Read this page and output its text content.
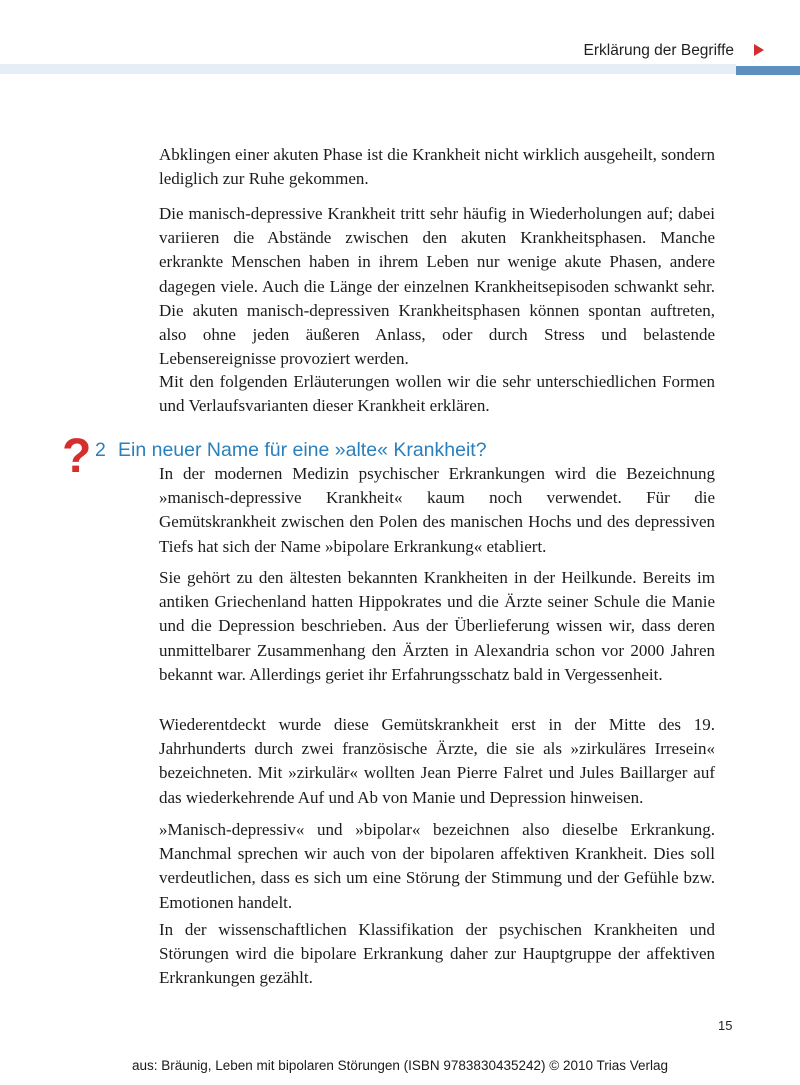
Erklärung der Begriffe

Abklingen einer akuten Phase ist die Krankheit nicht wirklich ausgeheilt, sondern lediglich zur Ruhe gekommen.

Die manisch-depressive Krankheit tritt sehr häufig in Wiederholungen auf; dabei variieren die Abstände zwischen den akuten Krankheitsphasen. Manche erkrankte Menschen haben in ihrem Leben nur wenige akute Phasen, andere dagegen viele. Auch die Länge der einzelnen Krankheitsepisoden schwankt sehr. Die akuten manisch-depressiven Krankheitsphasen können spontan auftreten, also ohne jeden äußeren Anlass, oder durch Stress und belastende Lebensereignisse provoziert werden.

Mit den folgenden Erläuterungen wollen wir die sehr unterschiedlichen Formen und Verlaufsvarianten dieser Krankheit erklären.

? 2 Ein neuer Name für eine »alte« Krankheit?

In der modernen Medizin psychischer Erkrankungen wird die Bezeichnung »manisch-depressive Krankheit« kaum noch verwendet. Für die Gemütskrankheit zwischen den Polen des manischen Hochs und des depressiven Tiefs hat sich der Name »bipolare Erkrankung« etabliert.

Sie gehört zu den ältesten bekannten Krankheiten in der Heilkunde. Bereits im antiken Griechenland hatten Hippokrates und die Ärzte seiner Schule die Manie und die Depression beschrieben. Aus der Überlieferung wissen wir, dass deren unmittelbarer Zusammenhang den Ärzten in Alexandria schon vor 2000 Jahren bekannt war. Allerdings geriet ihr Erfahrungsschatz bald in Vergessenheit.

Wiederentdeckt wurde diese Gemütskrankheit erst in der Mitte des 19. Jahrhunderts durch zwei französische Ärzte, die sie als »zirkuläres Irresein« bezeichneten. Mit »zirkulär« wollten Jean Pierre Falret und Jules Baillarger auf das wiederkehrende Auf und Ab von Manie und Depression hinweisen.

»Manisch-depressiv« und »bipolar« bezeichnen also dieselbe Erkrankung. Manchmal sprechen wir auch von der bipolaren affektiven Krankheit. Dies soll verdeutlichen, dass es sich um eine Störung der Stimmung und der Gefühle bzw. Emotionen handelt.

In der wissenschaftlichen Klassifikation der psychischen Krankheiten und Störungen wird die bipolare Erkrankung daher zur Hauptgruppe der affektiven Erkrankungen gezählt.

15
aus: Bräunig, Leben mit bipolaren Störungen (ISBN 9783830435242) © 2010 Trias Verlag
